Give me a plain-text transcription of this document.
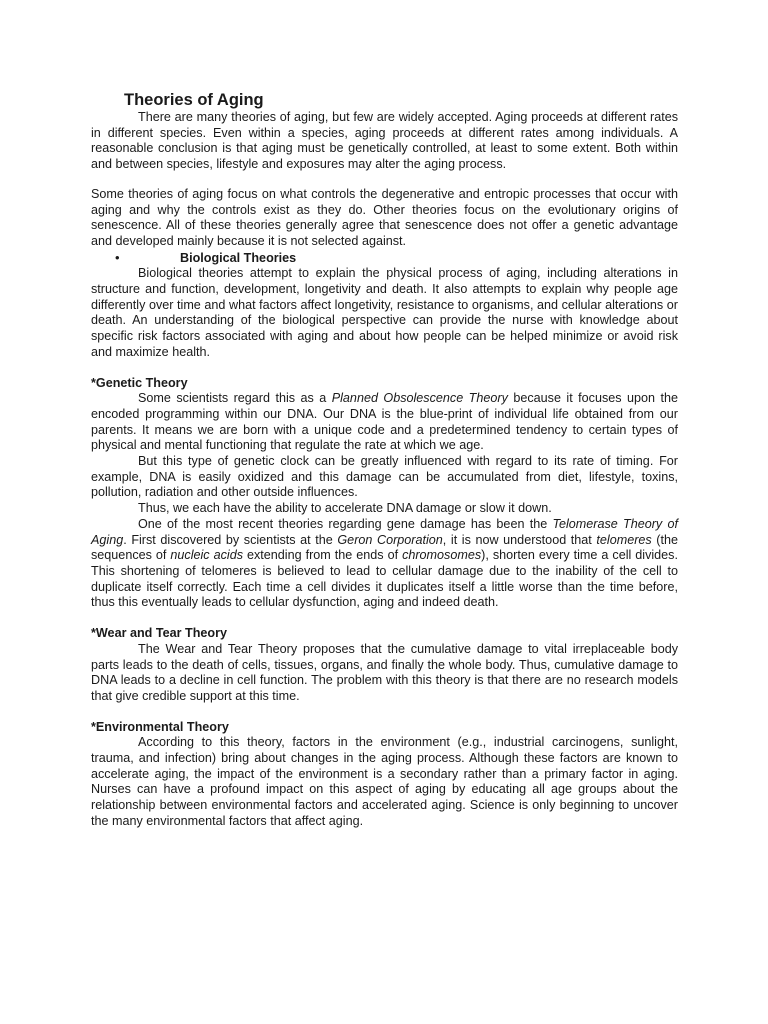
Theories of Aging

There are many theories of aging, but few are widely accepted. Aging proceeds at different rates in different species. Even within a species, aging proceeds at different rates among individuals. A reasonable conclusion is that aging must be genetically controlled, at least to some extent. Both within and between species, lifestyle and exposures may alter the aging process.

Some theories of aging focus on what controls the degenerative and entropic processes that occur with aging and why the controls exist as they do. Other theories focus on the evolutionary origins of senescence. All of these theories generally agree that senescence does not offer a genetic advantage and developed mainly because it is not selected against.

•	Biological Theories

Biological theories attempt to explain the physical process of aging, including alterations in structure and function, development, longetivity and death. It also attempts to explain why people age differently over time and what factors affect longetivity, resistance to organisms, and cellular alterations or death. An understanding of the biological perspective can provide the nurse with knowledge about specific risk factors associated with aging and about how people can be helped minimize or avoid risk and maximize health.

*Genetic Theory

Some scientists regard this as a Planned Obsolescence Theory because it focuses upon the encoded programming within our DNA. Our DNA is the blue-print of individual life obtained from our parents. It means we are born with a unique code and a predetermined tendency to certain types of physical and mental functioning that regulate the rate at which we age.

But this type of genetic clock can be greatly influenced with regard to its rate of timing. For example, DNA is easily oxidized and this damage can be accumulated from diet, lifestyle, toxins, pollution, radiation and other outside influences.

Thus, we each have the ability to accelerate DNA damage or slow it down.

One of the most recent theories regarding gene damage has been the Telomerase Theory of Aging. First discovered by scientists at the Geron Corporation, it is now understood that telomeres (the sequences of nucleic acids extending from the ends of chromosomes), shorten every time a cell divides. This shortening of telomeres is believed to lead to cellular damage due to the inability of the cell to duplicate itself correctly. Each time a cell divides it duplicates itself a little worse than the time before, thus this eventually leads to cellular dysfunction, aging and indeed death.

*Wear and Tear Theory

The Wear and Tear Theory proposes that the cumulative damage to vital irreplaceable body parts leads to the death of cells, tissues, organs, and finally the whole body. Thus, cumulative damage to DNA leads to a decline in cell function. The problem with this theory is that there are no research models that give credible support at this time.

*Environmental Theory

According to this theory, factors in the environment (e.g., industrial carcinogens, sunlight, trauma, and infection) bring about changes in the aging process. Although these factors are known to accelerate aging, the impact of the environment is a secondary rather than a primary factor in aging. Nurses can have a profound impact on this aspect of aging by educating all age groups about the relationship between environmental factors and accelerated aging. Science is only beginning to uncover the many environmental factors that affect aging.
